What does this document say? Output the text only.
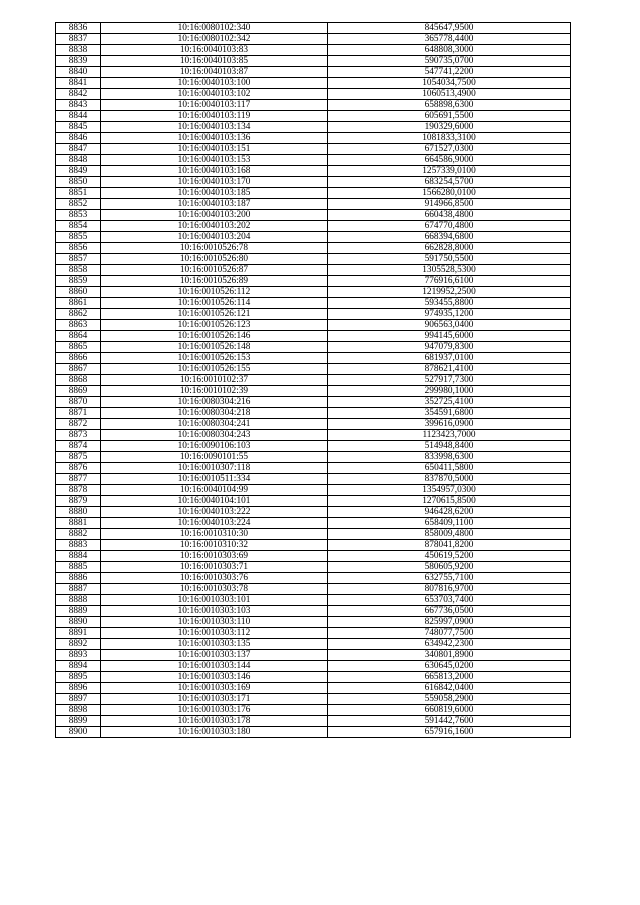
8836	10:16:0080102:340	845647,9500
8837	10:16:0080102:342	365778,4400
8838	10:16:0040103:83	648808,3000
8839	10:16:0040103:85	590735,0700
8840	10:16:0040103:87	547741,2200
8841	10:16:0040103:100	1054034,7500
8842	10:16:0040103:102	1060513,4900
8843	10:16:0040103:117	658898,6300
8844	10:16:0040103:119	605691,5500
8845	10:16:0040103:134	190329,6000
8846	10:16:0040103:136	1081833,3100
8847	10:16:0040103:151	671527,0300
8848	10:16:0040103:153	664586,9000
8849	10:16:0040103:168	1257339,0100
8850	10:16:0040103:170	683254,5700
8851	10:16:0040103:185	1566280,0100
8852	10:16:0040103:187	914966,8500
8853	10:16:0040103:200	660438,4800
8854	10:16:0040103:202	674770,4800
8855	10:16:0040103:204	668394,6800
8856	10:16:0010526:78	662828,8000
8857	10:16:0010526:80	591750,5500
8858	10:16:0010526:87	1305528,5300
8859	10:16:0010526:89	776916,6100
8860	10:16:0010526:112	1219952,2500
8861	10:16:0010526:114	593455,8800
8862	10:16:0010526:121	974935,1200
8863	10:16:0010526:123	906563,0400
8864	10:16:0010526:146	994145,6000
8865	10:16:0010526:148	947079,8300
8866	10:16:0010526:153	681937,0100
8867	10:16:0010526:155	878621,4100
8868	10:16:0010102:37	527917,7300
8869	10:16:0010102:39	299980,1000
8870	10:16:0080304:216	352725,4100
8871	10:16:0080304:218	354591,6800
8872	10:16:0080304:241	399616,0900
8873	10:16:0080304:243	1123423,7000
8874	10:16:0090106:103	514948,8400
8875	10:16:0090101:55	833998,6300
8876	10:16:0010307:118	650411,5800
8877	10:16:0010511:334	837870,5000
8878	10:16:0040104:99	1354957,0300
8879	10:16:0040104:101	1270615,8500
8880	10:16:0040103:222	946428,6200
8881	10:16:0040103:224	658409,1100
8882	10:16:0010310:30	858009,4800
8883	10:16:0010310:32	878041,8200
8884	10:16:0010303:69	450619,5200
8885	10:16:0010303:71	580605,9200
8886	10:16:0010303:76	632755,7100
8887	10:16:0010303:78	807816,9700
8888	10:16:0010303:101	653703,7400
8889	10:16:0010303:103	667736,0500
8890	10:16:0010303:110	825997,0900
8891	10:16:0010303:112	748077,7500
8892	10:16:0010303:135	634942,2300
8893	10:16:0010303:137	340801,8900
8894	10:16:0010303:144	630645,0200
8895	10:16:0010303:146	665813,2000
8896	10:16:0010303:169	616842,0400
8897	10:16:0010303:171	559058,2900
8898	10:16:0010303:176	660819,6000
8899	10:16:0010303:178	591442,7600
8900	10:16:0010303:180	657916,1600
